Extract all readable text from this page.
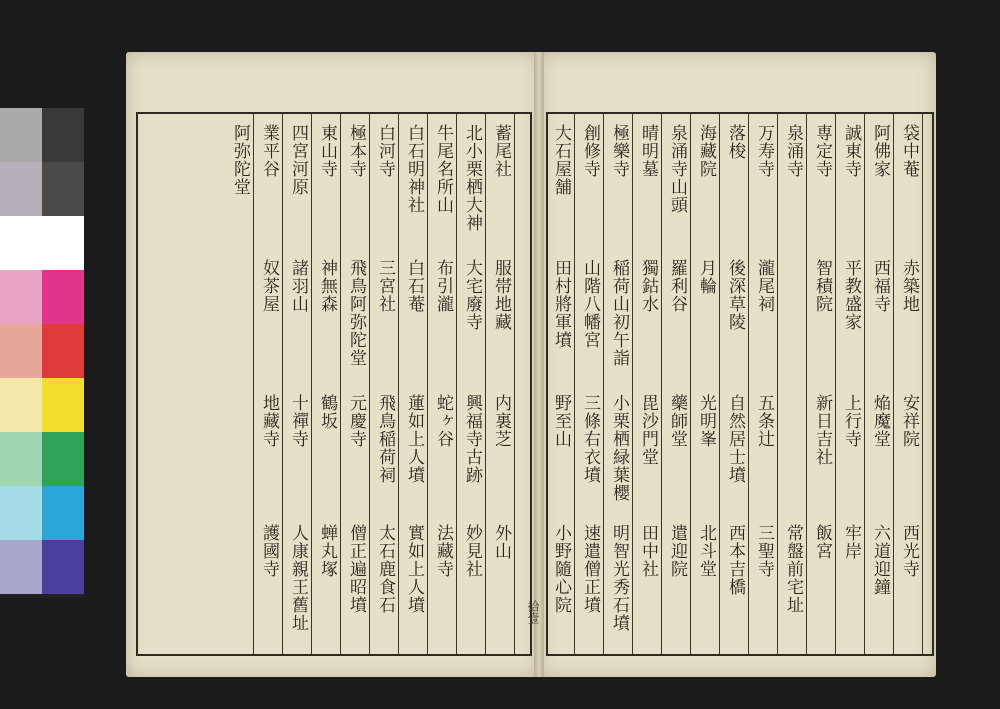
袋中菴
赤築地
安祥院
西光寺
阿佛家
西福寺
焔魔堂
六道迎鐘
誠東寺
平教盛家
上行寺
牢岸
専定寺
智積院
新日吉社
飯宮
泉涌寺
常盤前宅址
万寿寺
瀧尾祠
五条辻
三聖寺
落梭
後深草陵
自然居士墳
西本吉橋
海藏院
月輪
光明峯
北斗堂
泉涌寺山頭
羅利谷
藥師堂
遣迎院
晴明墓
獨鈷水
毘沙門堂
田中社
極樂寺
稲荷山初午詣
小栗栖緑葉櫻
明智光秀石墳
創修寺
山階八幡宮
三條右衣墳
速遣僧正墳
大石屋舗
田村將軍墳
野至山
小野隨心院
蓄尾社
服帯地藏
内裏芝
外山
北小栗栖大神
大宅廢寺
興福寺古跡
妙見社
牛尾名所山
布引瀧
蛇ヶ谷
法藏寺
白石明神社
白石菴
蓮如上人墳
實如上人墳
白河寺
三宮社
飛鳥稲荷祠
太石鹿食石
極本寺
飛鳥阿弥陀堂
元慶寺
僧正遍昭墳
東山寺
神無森
鶴坂
蝉丸塚
四宮河原
諸羽山
十禪寺
人康親王舊址
業平谷
奴茶屋
地藏寺
護國寺
阿弥陀堂
拾壹
